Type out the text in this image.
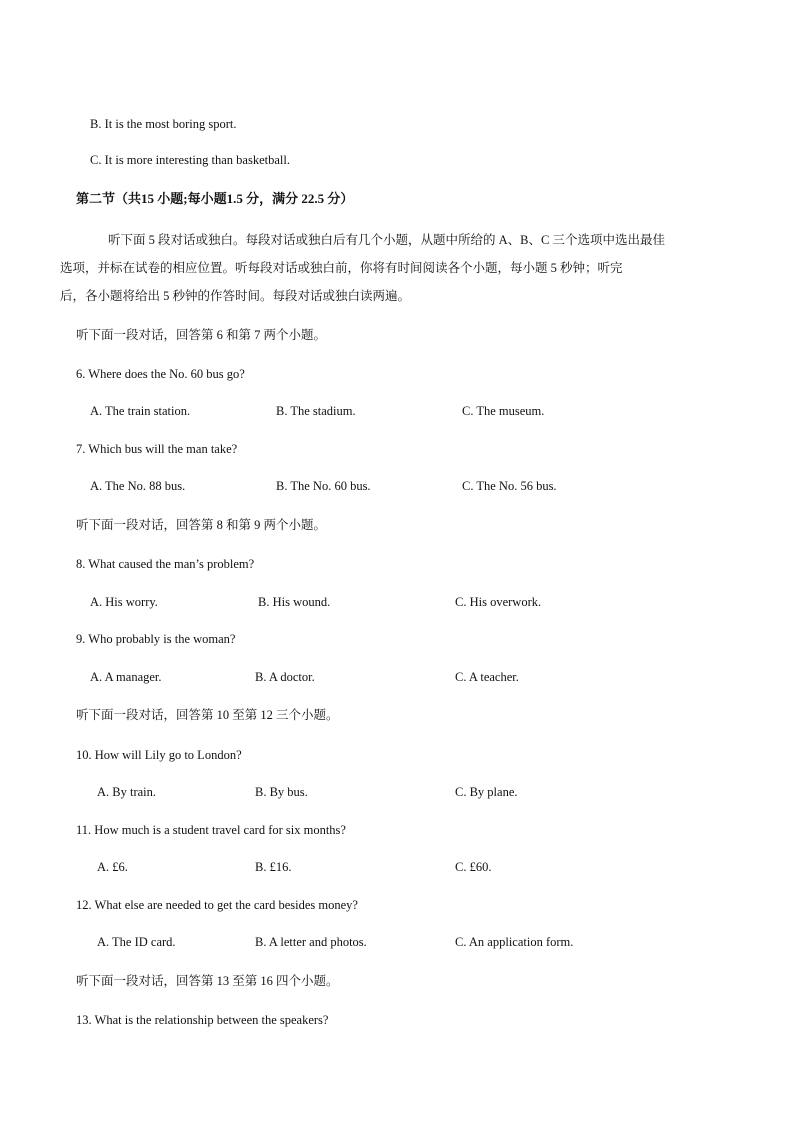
B. It is the most boring sport.
C. It is more interesting than basketball.
第二节（共15 小题;每小题1.5 分，满分 22.5 分）
听下面 5 段对话或独白。每段对话或独白后有几个小题，从题中所给的 A、B、C 三个选项中选出最佳
选项，并标在试卷的相应位置。听每段对话或独白前，你将有时间阅读各个小题，每小题 5 秒钟；听完
后，各小题将给出 5 秒钟的作答时间。每段对话或独白读两遍。
听下面一段对话，回答第 6 和第 7 两个小题。
6. Where does the No. 60 bus go?
A. The train station.	B. The stadium.	C. The museum.
7. Which bus will the man take?
A. The No. 88 bus.	B. The No. 60 bus.	C. The No. 56 bus.
听下面一段对话，回答第 8 和第 9 两个小题。
8. What caused the man’s problem?
A. His worry.	B. His wound.	C. His overwork.
9. Who probably is the woman?
A. A manager.	B. A doctor.	C. A teacher.
听下面一段对话，回答第 10 至第 12 三个小题。
10. How will Lily go to London?
A. By train.	B. By bus.	C. By plane.
11. How much is a student travel card for six months?
A. £6.	B. £16.	C. £60.
12. What else are needed to get the card besides money?
A. The ID card.	B. A letter and photos.	C. An application form.
听下面一段对话，回答第 13 至第 16 四个小题。
13. What is the relationship between the speakers?
